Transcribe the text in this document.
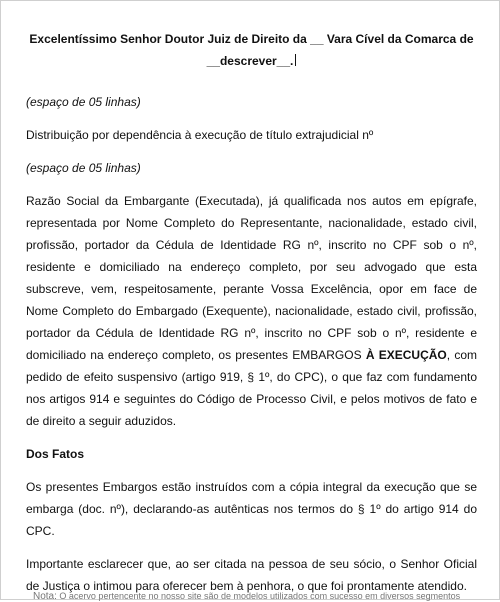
Excelentíssimo Senhor Doutor Juiz de Direito da __ Vara Cível da Comarca de
__descrever__.

(espaço de 05 linhas)

Distribuição por dependência à execução de título extrajudicial nº

(espaço de 05 linhas)

Razão Social da Embargante (Executada), já qualificada nos autos em epígrafe, representada por Nome Completo do Representante, nacionalidade, estado civil, profissão, portador da Cédula de Identidade RG nº, inscrito no CPF sob o nº, residente e domiciliado na endereço completo, por seu advogado que esta subscreve, vem, respeitosamente, perante Vossa Excelência, opor em face de Nome Completo do Embargado (Exequente), nacionalidade, estado civil, profissão, portador da Cédula de Identidade RG nº, inscrito no CPF sob o nº, residente e domiciliado na endereço completo, os presentes EMBARGOS À EXECUÇÃO, com pedido de efeito suspensivo (artigo 919, § 1º, do CPC), o que faz com fundamento nos artigos 914 e seguintes do Código de Processo Civil, e pelos motivos de fato e de direito a seguir aduzidos.

Dos Fatos

Os presentes Embargos estão instruídos com a cópia integral da execução que se embarga (doc. nº), declarando-as autênticas nos termos do § 1º do artigo 914 do CPC.

Importante esclarecer que, ao ser citada na pessoa de seu sócio, o Senhor Oficial de Justiça o intimou para oferecer bem à penhora, o que foi prontamente atendido.

Nota: O acervo pertencente no nosso site são de modelos utilizados com sucesso em diversos segmentos
